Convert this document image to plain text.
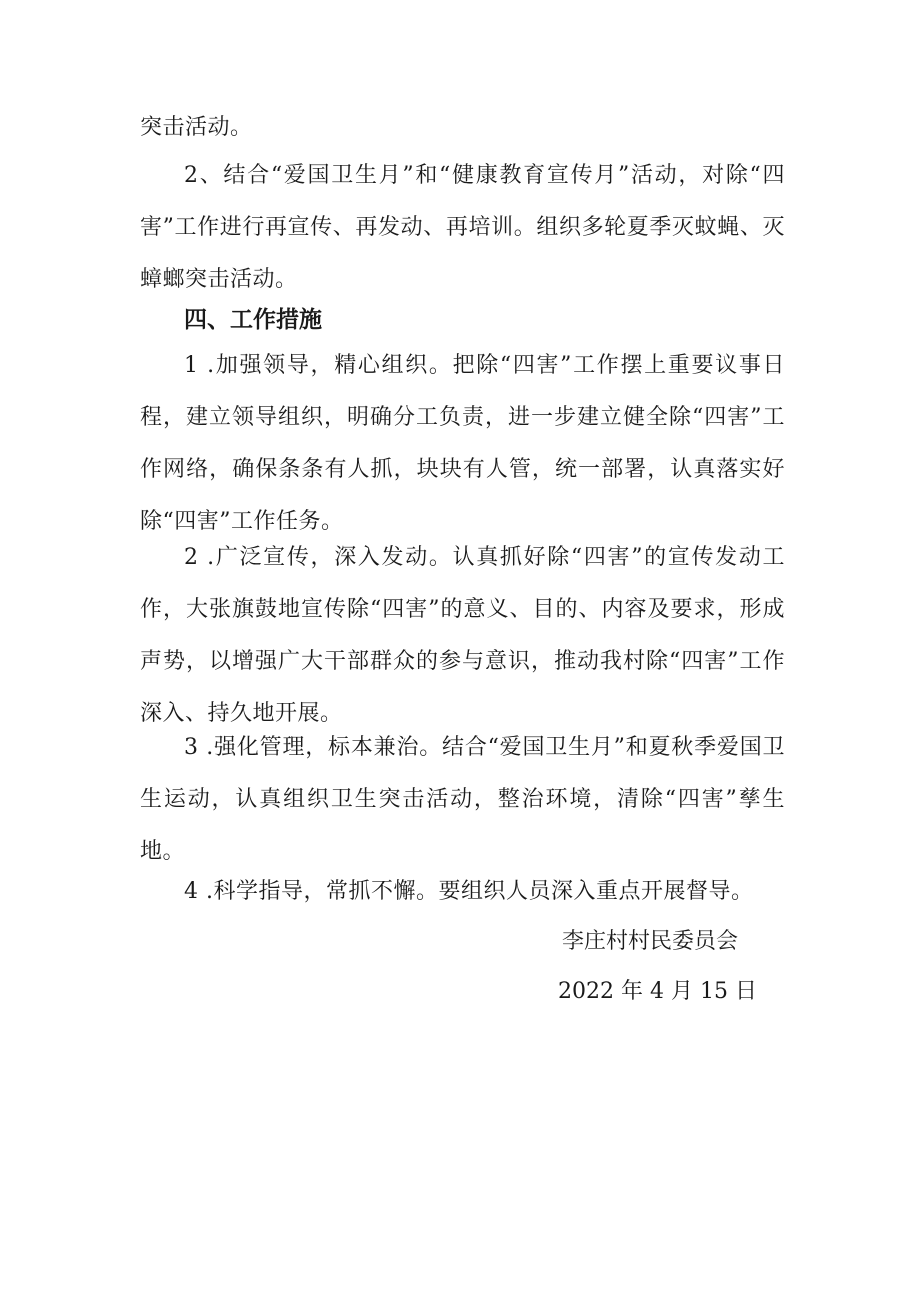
突击活动。

2、结合“爱国卫生月”和“健康教育宣传月”活动，对除“四害”工作进行再宣传、再发动、再培训。组织多轮夏季灭蚊蝇、灭蟑螂突击活动。

四、工作措施

1 .加强领导，精心组织。把除“四害”工作摆上重要议事日程，建立领导组织，明确分工负责，进一步建立健全除“四害”工作网络，确保条条有人抓，块块有人管，统一部署，认真落实好除“四害”工作任务。

2 .广泛宣传，深入发动。认真抓好除“四害”的宣传发动工作，大张旗鼓地宣传除“四害”的意义、目的、内容及要求，形成声势，以增强广大干部群众的参与意识，推动我村除“四害”工作深入、持久地开展。

3 .强化管理，标本兼治。结合“爱国卫生月”和夏秋季爱国卫生运动，认真组织卫生突击活动，整治环境，清除“四害”孳生地。

4 .科学指导，常抓不懈。要组织人员深入重点开展督导。

李庄村村民委员会

2022 年 4 月 15 日
